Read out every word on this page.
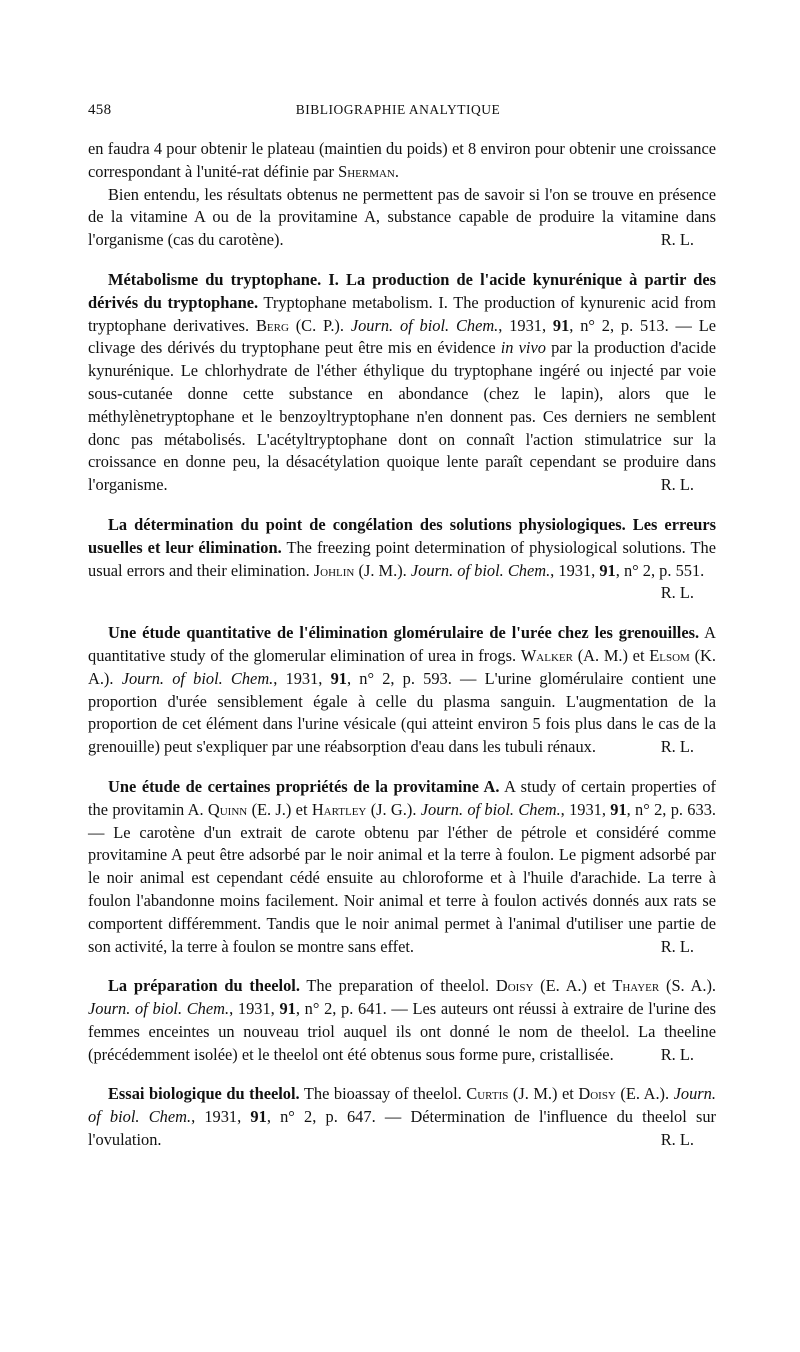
458	BIBLIOGRAPHIE ANALYTIQUE

en faudra 4 pour obtenir le plateau (maintien du poids) et 8 environ pour obtenir une croissance correspondant à l'unité-rat définie par Sherman.

Bien entendu, les résultats obtenus ne permettent pas de savoir si l'on se trouve en présence de la vitamine A ou de la provitamine A, substance capable de produire la vitamine dans l'organisme (cas du carotène).	R. L.

Métabolisme du tryptophane. I. La production de l'acide kynurénique à partir des dérivés du tryptophane. Tryptophane metabolism. I. The production of kynurenic acid from tryptophane derivatives. Berg (C. P.). Journ. of biol. Chem., 1931, 91, n° 2, p. 513. — Le clivage des dérivés du tryptophane peut être mis en évidence in vivo par la production d'acide kynurénique. Le chlorhydrate de l'éther éthylique du tryptophane ingéré ou injecté par voie sous-cutanée donne cette substance en abondance (chez le lapin), alors que le méthylènetryptophane et le benzoyltryptophane n'en donnent pas. Ces derniers ne semblent donc pas métabolisés. L'acétyltryptophane dont on connaît l'action stimulatrice sur la croissance en donne peu, la désacétylation quoique lente paraît cependant se produire dans l'organisme.	R. L.

La détermination du point de congélation des solutions physiologiques. Les erreurs usuelles et leur élimination. The freezing point determination of physiological solutions. The usual errors and their elimination. Johlin (J. M.). Journ. of biol. Chem., 1931, 91, n° 2, p. 551.

R. L.

Une étude quantitative de l'élimination glomérulaire de l'urée chez les grenouilles. A quantitative study of the glomerular elimination of urea in frogs. Walker (A. M.) et Elsom (K. A.). Journ. of biol. Chem., 1931, 91, n° 2, p. 593. — L'urine glomérulaire contient une proportion d'urée sensiblement égale à celle du plasma sanguin. L'augmentation de la proportion de cet élément dans l'urine vésicale (qui atteint environ 5 fois plus dans le cas de la grenouille) peut s'expliquer par une réabsorption d'eau dans les tubuli rénaux.	R. L.

Une étude de certaines propriétés de la provitamine A. A study of certain properties of the provitamin A. Quinn (E. J.) et Hartley (J. G.). Journ. of biol. Chem., 1931, 91, n° 2, p. 633. — Le carotène d'un extrait de carote obtenu par l'éther de pétrole et considéré comme provitamine A peut être adsorbé par le noir animal et la terre à foulon. Le pigment adsorbé par le noir animal est cependant cédé ensuite au chloroforme et à l'huile d'arachide. La terre à foulon l'abandonne moins facilement. Noir animal et terre à foulon activés donnés aux rats se comportent différemment. Tandis que le noir animal permet à l'animal d'utiliser une partie de son activité, la terre à foulon se montre sans effet.	R. L.

La préparation du theelol. The preparation of theelol. Doisy (E. A.) et Thayer (S. A.). Journ. of biol. Chem., 1931, 91, n° 2, p. 641. — Les auteurs ont réussi à extraire de l'urine des femmes enceintes un nouveau triol auquel ils ont donné le nom de theelol. La theeline (précédemment isolée) et le theelol ont été obtenus sous forme pure, cristallisée.	R. L.

Essai biologique du theelol. The bioassay of theelol. Curtis (J. M.) et Doisy (E. A.). Journ. of biol. Chem., 1931, 91, n° 2, p. 647. — Détermination de l'influence du theelol sur l'ovulation.	R. L.
